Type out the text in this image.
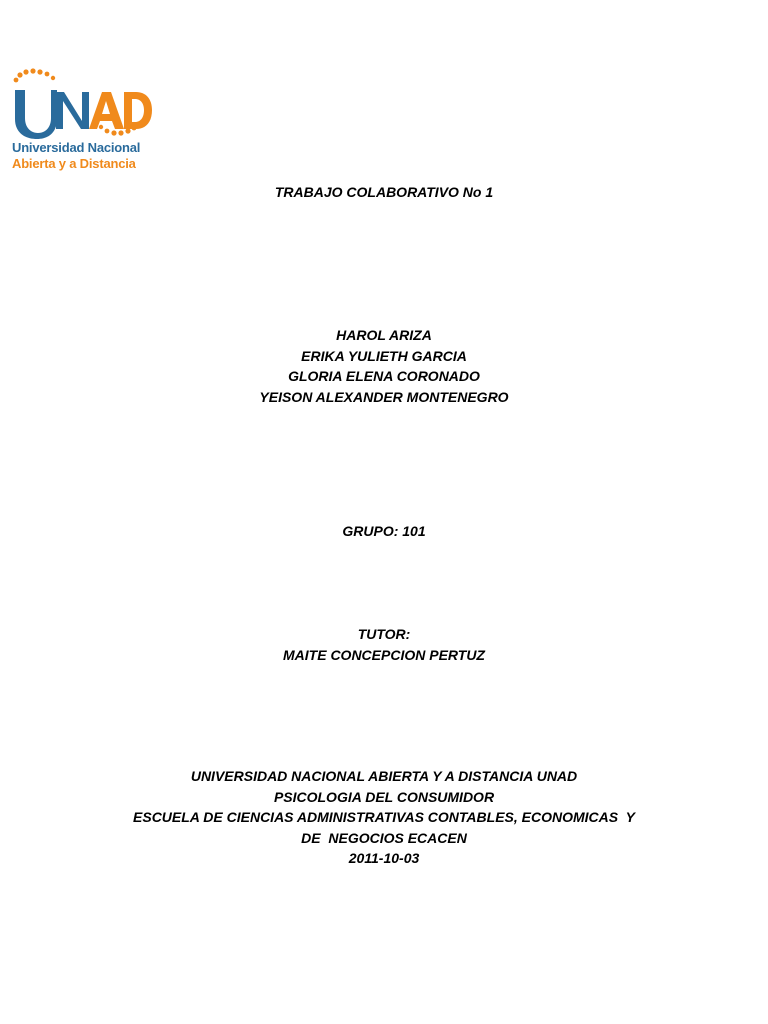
Universidad Nacional
Abierta y a Distancia
TRABAJO COLABORATIVO No 1
HAROL ARIZA
ERIKA YULIETH GARCIA
GLORIA ELENA CORONADO
YEISON ALEXANDER MONTENEGRO
GRUPO: 101
TUTOR:
MAITE CONCEPCION PERTUZ
UNIVERSIDAD NACIONAL ABIERTA Y A DISTANCIA UNAD
PSICOLOGIA DEL CONSUMIDOR
ESCUELA DE CIENCIAS ADMINISTRATIVAS CONTABLES, ECONOMICAS  Y
DE  NEGOCIOS ECACEN
2011-10-03
